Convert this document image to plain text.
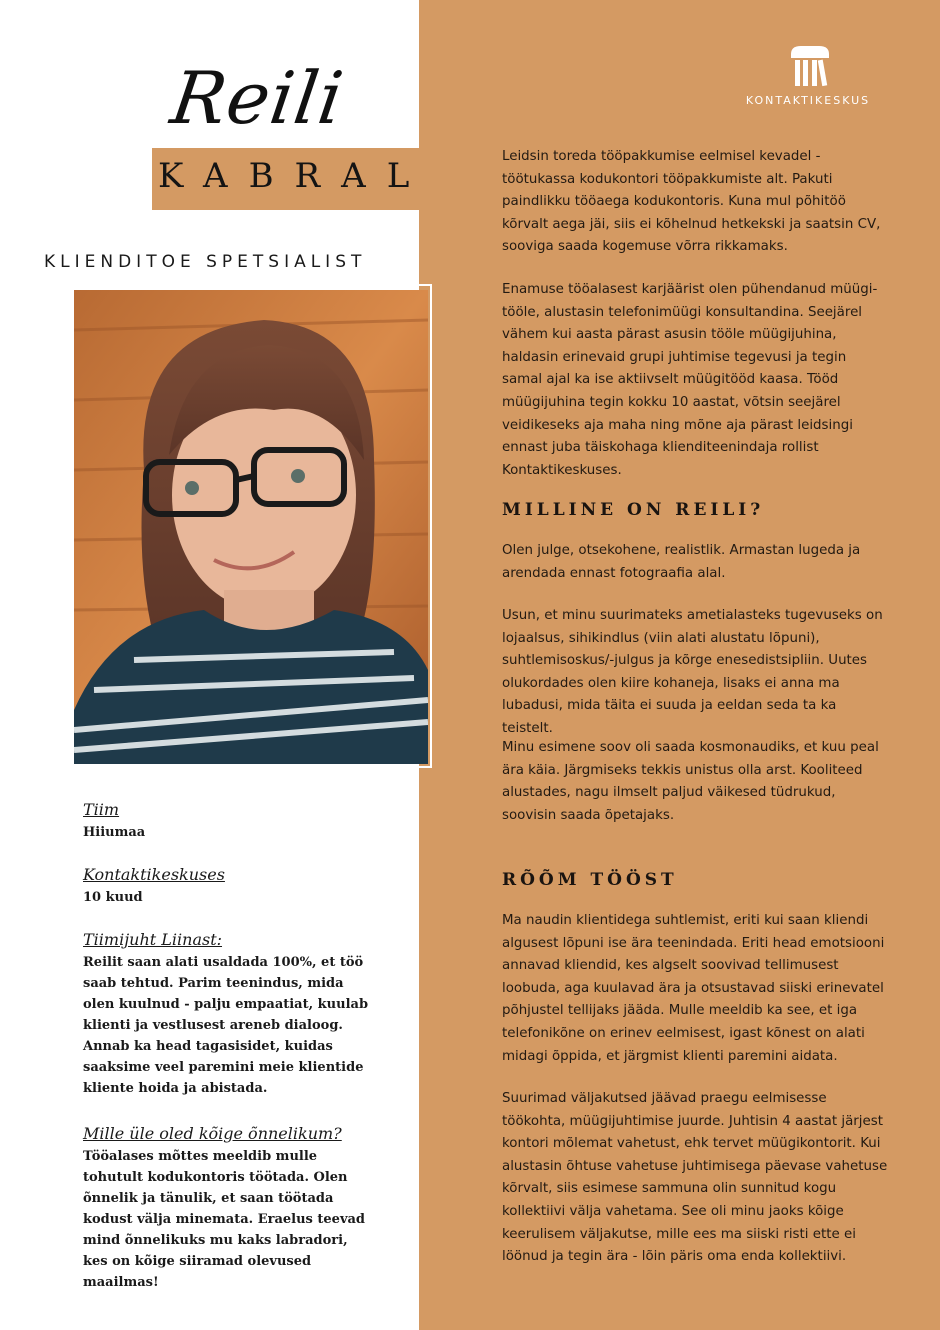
KONTAKTIKESKUS
Reili
KABRAL
KLIENDITOE SPETSIALIST

Tiim

Hiiumaa

Kontaktikeskuses

10 kuud

Tiimijuht Liinast:

Reilit saan alati usaldada 100%, et töö saab tehtud. Parim teenindus, mida olen kuulnud - palju empaatiat, kuulab klienti ja vestlusest areneb dialoog. Annab ka head tagasisidet, kuidas saaksime veel paremini meie klientide kliente hoida ja abistada.

Mille üle oled kõige õnnelikum?

Tööalases mõttes meeldib mulle tohutult kodukontoris töötada. Olen õnnelik ja tänulik, et saan töötada kodust välja minemata. Eraelus teevad mind õnnelikuks mu kaks labradori, kes on kõige siiramad olevused maailmas!

Leidsin toreda tööpakkumise eelmisel kevadel - töötukassa kodukontori tööpakkumiste alt. Pakuti paindlikku tööaega kodukontoris. Kuna mul põhitöö kõrvalt aega jäi, siis ei kõhelnud hetkekski ja saatsin CV, sooviga saada kogemuse võrra rikkamaks.

Enamuse tööalasest karjäärist olen pühendanud müügi-tööle, alustasin telefonimüügi konsultandina. Seejärel vähem kui aasta pärast asusin tööle müügijuhina, haldasin erinevaid grupi juhtimise tegevusi ja tegin samal ajal ka ise aktiivselt müügitööd kaasa. Tööd müügijuhina tegin kokku 10 aastat, võtsin seejärel veidikeseks aja maha ning mõne aja pärast leidsingi ennast juba täiskohaga klienditeenindaja rollist Kontaktikeskuses.

MILLINE ON REILI?

Olen julge, otsekohene, realistlik. Armastan lugeda ja arendada ennast fotograafia alal.

Usun, et minu suurimateks ametialasteks tugevuseks on lojaalsus, sihikindlus (viin alati alustatu lõpuni), suhtlemisoskus/-julgus ja kõrge enesedistsipliin. Uutes olukordades olen kiire kohaneja, lisaks ei anna ma lubadusi, mida täita ei suuda ja eeldan seda ta ka teistelt.

Minu esimene soov oli saada kosmonaudiks, et kuu peal ära käia. Järgmiseks tekkis unistus olla arst. Kooliteed alustades, nagu ilmselt paljud väikesed tüdrukud, soovisin saada õpetajaks.

RÕÕM TÖÖST

Ma naudin klientidega suhtlemist, eriti kui saan kliendi algusest lõpuni ise ära teenindada. Eriti head emotsiooni annavad kliendid, kes algselt soovivad tellimusest loobuda, aga kuulavad ära ja otsustavad siiski erinevatel põhjustel tellijaks jääda. Mulle meeldib ka see, et iga telefonikõne on erinev eelmisest, igast kõnest on alati midagi õppida, et järgmist klienti paremini aidata.

Suurimad väljakutsed jäävad praegu eelmisesse töökohta, müügijuhtimise juurde. Juhtisin 4 aastat järjest kontori mõlemat vahetust, ehk tervet müügikontorit. Kui alustasin õhtuse vahetuse juhtimisega päevase vahetuse kõrvalt, siis esimese sammuna olin sunnitud kogu kollektiivi välja vahetama. See oli minu jaoks kõige keerulisem väljakutse, mille ees ma siiski risti ette ei löönud ja tegin ära - lõin päris oma enda kollektiivi.
